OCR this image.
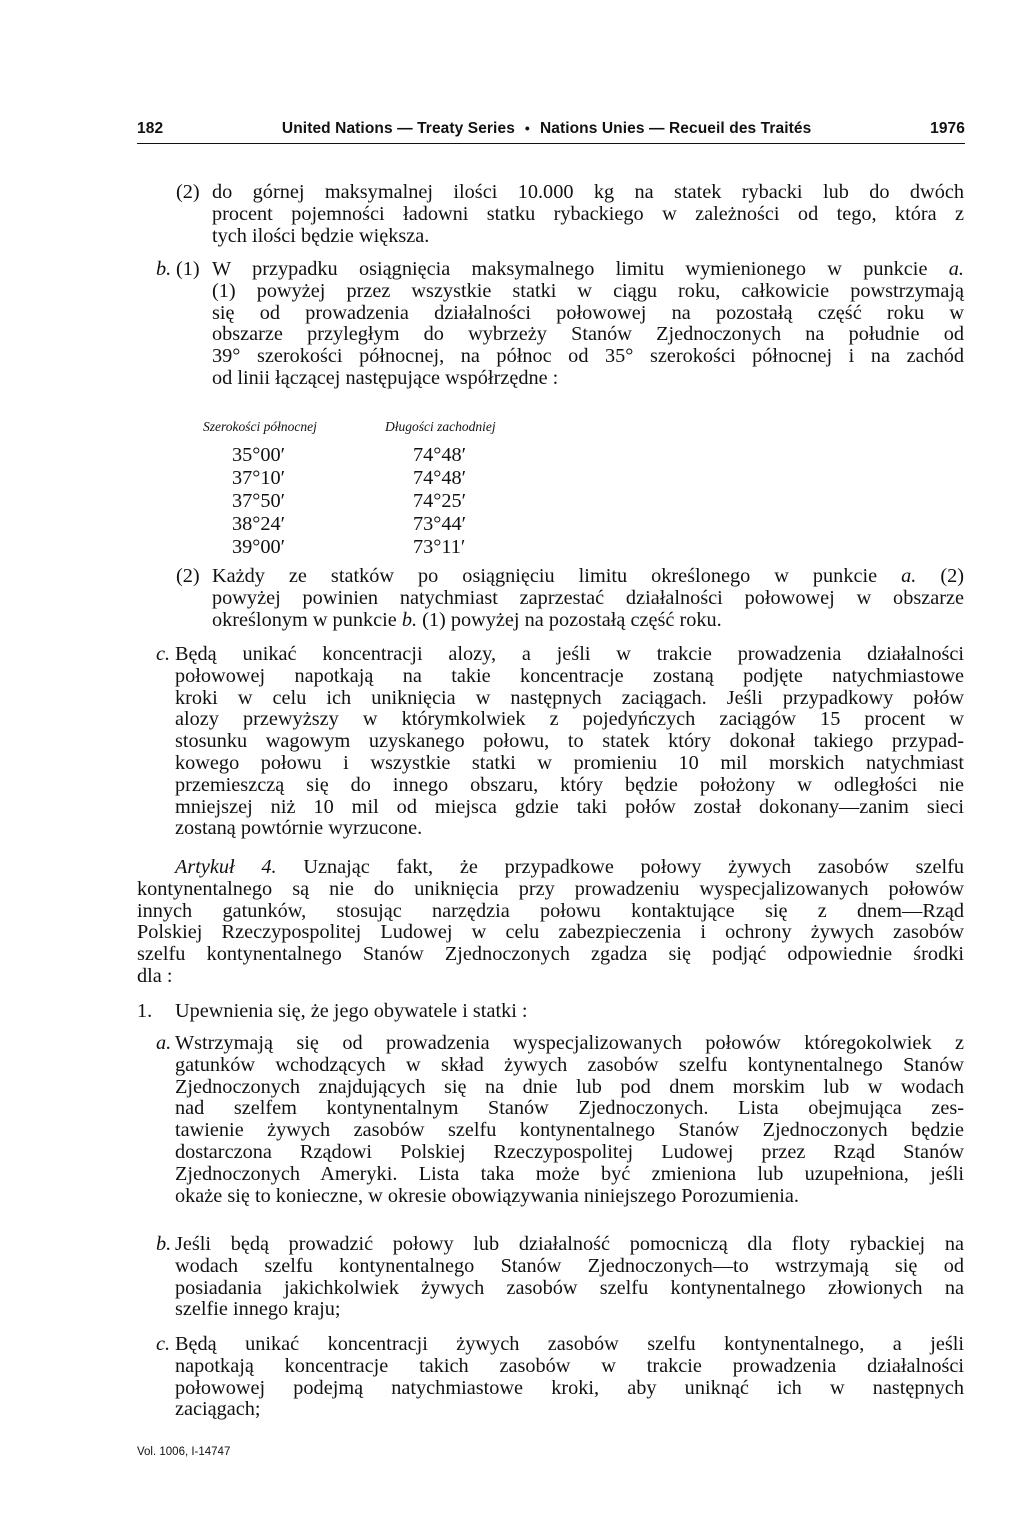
182	United Nations — Treaty Series • Nations Unies — Recueil des Traités	1976
(2) do górnej maksymalnej ilości 10.000 kg na statek rybacki lub do dwóch
procent pojemności ładowni statku rybackiego w zależności od tego, która z
tych ilości będzie większa.
b. (1) W przypadku osiągnięcia maksymalnego limitu wymienionego w punkcie a.
(1) powyżej przez wszystkie statki w ciągu roku, całkowicie powstrzymają
się od prowadzenia działalności połowowej na pozostałą część roku w
obszarze przyległym do wybrzeży Stanów Zjednoczonych na południe od
39° szerokości północnej, na północ od 35° szerokości północnej i na zachód
od linii łączącej następujące współrzędne :
Szerokości północnej	Długości zachodniej
35°00′	74°48′
37°10′	74°48′
37°50′	74°25′
38°24′	73°44′
39°00′	73°11′
(2) Każdy ze statków po osiągnięciu limitu określonego w punkcie a. (2)
powyżej powinien natychmiast zaprzestać działalności połowowej w obszarze
określonym w punkcie b. (1) powyżej na pozostałą część roku.
c. Będą unikać koncentracji alozy, a jeśli w trakcie prowadzenia działalności
połowowej napotkają na takie koncentracje zostaną podjęte natychmiastowe
kroki w celu ich uniknięcia w następnych zaciągach. Jeśli przypadkowy połów
alozy przewyższy w którymkolwiek z pojedyńczych zaciągów 15 procent w
stosunku wagowym uzyskanego połowu, to statek który dokonał takiego przypad-
kowego połowu i wszystkie statki w promieniu 10 mil morskich natychmiast
przemieszczą się do innego obszaru, który będzie położony w odległości nie
mniejszej niż 10 mil od miejsca gdzie taki połów został dokonany—zanim sieci
zostaną powtórnie wyrzucone.
Artykuł 4. Uznając fakt, że przypadkowe połowy żywych zasobów szelfu
kontynentalnego są nie do uniknięcia przy prowadzeniu wyspecjalizowanych połowów
innych gatunków, stosując narzędzia połowu kontaktujące się z dnem—Rząd
Polskiej Rzeczypospolitej Ludowej w celu zabezpieczenia i ochrony żywych zasobów
szelfu kontynentalnego Stanów Zjednoczonych zgadza się podjąć odpowiednie środki
dla :
1. Upewnienia się, że jego obywatele i statki :
a. Wstrzymają się od prowadzenia wyspecjalizowanych połowów któregokolwiek z
gatunków wchodzących w skład żywych zasobów szelfu kontynentalnego Stanów
Zjednoczonych znajdujących się na dnie lub pod dnem morskim lub w wodach
nad szelfem kontynentalnym Stanów Zjednoczonych. Lista obejmująca zes-
tawienie żywych zasobów szelfu kontynentalnego Stanów Zjednoczonych będzie
dostarczona Rządowi Polskiej Rzeczypospolitej Ludowej przez Rząd Stanów
Zjednoczonych Ameryki. Lista taka może być zmieniona lub uzupełniona, jeśli
okaże się to konieczne, w okresie obowiązywania niniejszego Porozumienia.
b. Jeśli będą prowadzić połowy lub działalność pomocniczą dla floty rybackiej na
wodach szelfu kontynentalnego Stanów Zjednoczonych—to wstrzymają się od
posiadania jakichkolwiek żywych zasobów szelfu kontynentalnego złowionych na
szelfie innego kraju;
c. Będą unikać koncentracji żywych zasobów szelfu kontynentalnego, a jeśli
napotkają koncentracje takich zasobów w trakcie prowadzenia działalności
połowowej podejmą natychmiastowe kroki, aby uniknąć ich w następnych
zaciągach;
Vol. 1006, I-14747
